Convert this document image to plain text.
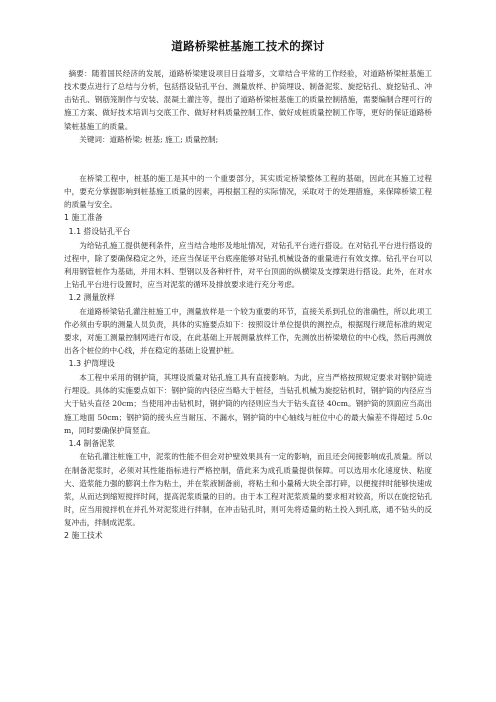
道路桥梁桩基施工技术的探讨

摘要：随着国民经济的发展，道路桥梁建设项目日益增多，文章结合平常的工作经验，对道路桥梁桩基施工技术要点进行了总结与分析，包括搭设钻孔平台、测量放样、护筒埋设、制备泥浆、旋挖钻孔、旋挖钻孔、冲击钻孔、钢筋笼制作与安装、混凝土灌注等，提出了道路桥梁桩基施工的质量控制措施，需要编制合理可行的施工方案、做好技术培训与交底工作、做好材料质量控制工作、做好成桩质量控制工作等，更好的保证道路桥梁桩基施工的质量。

关键词：道路桥梁; 桩基; 施工; 质量控制;

在桥梁工程中，桩基的施工是其中的一个重要部分，其实质定桥梁整体工程的基础，因此在其施工过程中，要充分掌握影响到桩基施工质量的因素，再根据工程的实际情况，采取对于的处理措施，来保障桥梁工程的质量与安全。

1 施工准备
1.1 搭设钻孔平台

为给钻孔施工提供便利条件，应当结合地形及地址情况，对钻孔平台进行搭设。在对钻孔平台进行搭设的过程中，除了要确保稳定之外，还应当保证平台底座能够对钻孔机械设备的重量进行有效支撑。钻孔平台可以利用钢管桩作为基础，并用木料、型钢以及各种杆件，对平台顶面的纵横梁及支撑架进行搭设。此外，在对水上钻孔平台进行设置时，应当对泥浆的循环及排放要求进行充分考虑。

1.2 测量放样

在道路桥梁钻孔灌注桩施工中，测量放样是一个较为重要的环节，直接关系到孔位的准确性，所以此项工作必须由专职的测量人员负责，具体的实施要点如下：按照设计单位提供的测控点，根据现行规范标准的规定要求，对施工测量控制网进行布设，在此基础上开展测量放样工作，先测放出桥梁墩位的中心线，然后再测放出各个桩位的中心线，并在稳定的基础上设置护桩。

1.3 护筒埋设

本工程中采用的钢护筒，其埋设质量对钻孔施工具有直接影响。为此，应当严格按照规定要求对钢护筒进行埋设。具体的实施要点如下：钢护筒的内径应当略大于桩径，当钻孔机械为旋挖钻机时，钢护筒的内径应当大于钻头直径 20cm；当使用冲击钻机时，钢护筒的内径则应当大于钻头直径 40cm。钢护筒的顶面应当高出施工地面 50cm；钢护筒的接头应当耐压、不漏水，钢护筒的中心轴线与桩位中心的最大偏差不得超过 5.0cm，同时要确保护筒竖直。

1.4 制备泥浆

在钻孔灌注桩施工中，泥浆的性能不但会对护壁效果具有一定的影响，而且还会间接影响成孔质量。所以在制备泥浆时，必须对其性能指标进行严格控制，借此来为成孔质量提供保障。可以选用水化速度快、粘度大、造浆能力强的膨润土作为粘土，并在浆液制备前，将粘土和小量稀大块全部打碎，以便搅拌时能够快速成浆，从而达到缩短搅拌时间，提高泥浆质量的目的。由于本工程对泥浆质量的要求相对较高，所以在旋挖钻孔时，应当用搅拌机在并孔外对泥浆进行拌制，在冲击钻孔时，则可先将适量的粘土投入到孔底，通不钻头的反复冲击，拌制成泥浆。

2 施工技术
